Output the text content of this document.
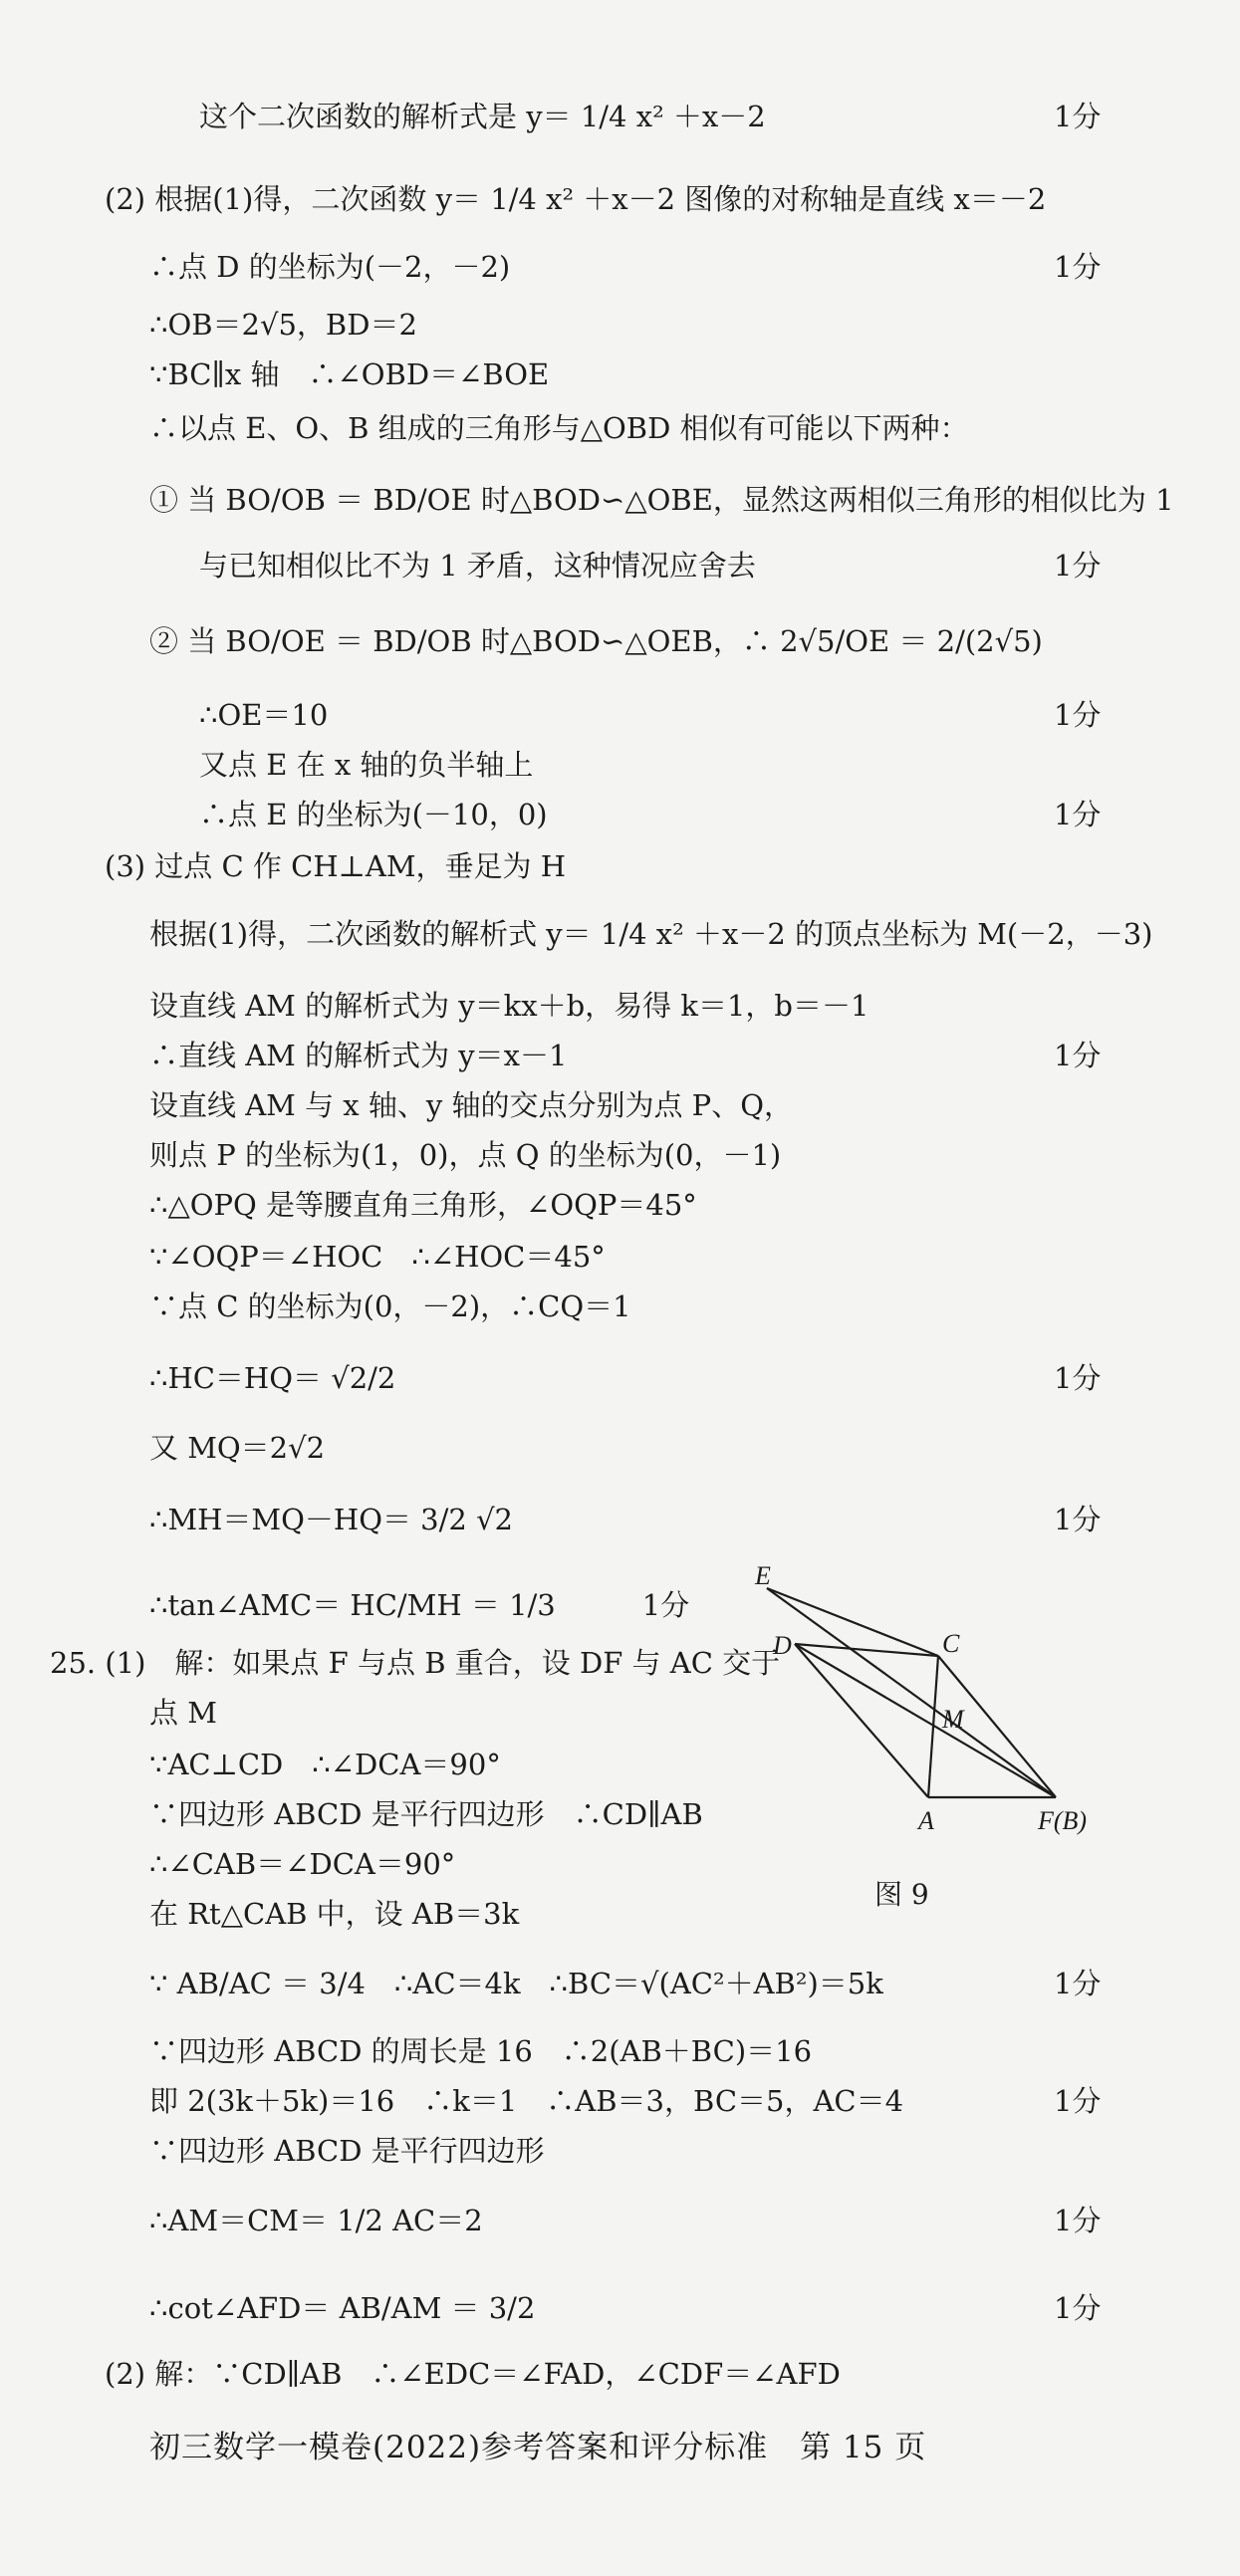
这个二次函数的解析式是 y＝ 1/4 x² ＋x－2	1分
(2) 根据(1)得，二次函数 y＝ 1/4 x² ＋x－2 图像的对称轴是直线 x＝－2
∴点 D 的坐标为(－2，－2)	1分
∴OB＝2√5，BD＝2
∵BC∥x 轴　∴∠OBD＝∠BOE
∴以点 E、O、B 组成的三角形与△OBD 相似有可能以下两种：
① 当 BO/OB ＝ BD/OE 时△BOD∽△OBE，显然这两相似三角形的相似比为 1
与已知相似比不为 1 矛盾，这种情况应舍去	1分
② 当 BO/OE ＝ BD/OB 时△BOD∽△OEB，∴ 2√5/OE ＝ 2/(2√5)
∴OE＝10	1分
又点 E 在 x 轴的负半轴上
∴点 E 的坐标为(－10，0)	1分
(3) 过点 C 作 CH⊥AM，垂足为 H
根据(1)得，二次函数的解析式 y＝ 1/4 x² ＋x－2 的顶点坐标为 M(－2，－3)
设直线 AM 的解析式为 y＝kx＋b，易得 k＝1，b＝－1
∴直线 AM 的解析式为 y＝x－1	1分
设直线 AM 与 x 轴、y 轴的交点分别为点 P、Q，
则点 P 的坐标为(1，0)，点 Q 的坐标为(0，－1)
∴△OPQ 是等腰直角三角形，∠OQP＝45°
∵∠OQP＝∠HOC　∴∠HOC＝45°
∵点 C 的坐标为(0，－2)，∴CQ＝1
∴HC＝HQ＝ √2/2	1分
又 MQ＝2√2
∴MH＝MQ－HQ＝ 3/2 √2	1分
∴tan∠AMC＝ HC/MH ＝ 1/3　　　1分
25. (1)　解：如果点 F 与点 B 重合，设 DF 与 AC 交于
点 M
∵AC⊥CD　∴∠DCA＝90°
∵四边形 ABCD 是平行四边形　∴CD∥AB
∴∠CAB＝∠DCA＝90°
在 Rt△CAB 中，设 AB＝3k
∵ AB/AC ＝ 3/4　∴AC＝4k　∴BC＝√(AC²＋AB²)＝5k	1分
∵四边形 ABCD 的周长是 16　∴2(AB＋BC)＝16
即 2(3k＋5k)＝16　∴k＝1　∴AB＝3，BC＝5，AC＝4	1分
∵四边形 ABCD 是平行四边形
∴AM＝CM＝ 1/2 AC＝2	1分
∴cot∠AFD＝ AB/AM ＝ 3/2	1分
(2) 解：∵CD∥AB　∴∠EDC＝∠FAD，∠CDF＝∠AFD
E
D	C
M
A	F(B)
图 9
初三数学一模卷(2022)参考答案和评分标准　第 15 页
